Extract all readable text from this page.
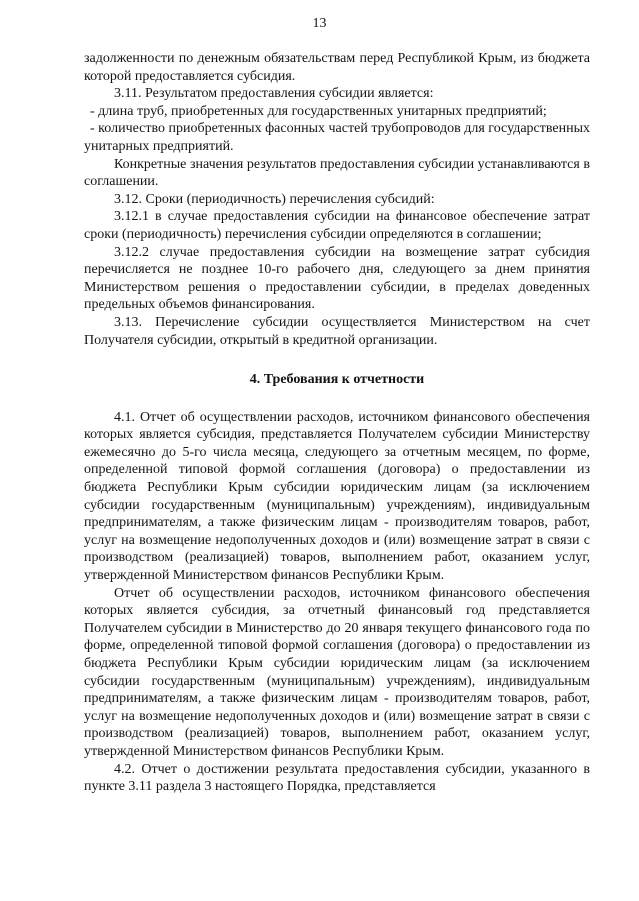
13

задолженности по денежным обязательствам перед Республикой Крым, из бюджета которой предоставляется субсидия.

3.11. Результатом предоставления субсидии является:

- длина труб, приобретенных для государственных унитарных предприятий;

- количество приобретенных фасонных частей трубопроводов для государственных унитарных предприятий.

Конкретные значения результатов предоставления субсидии устанавливаются в соглашении.

3.12. Сроки (периодичность) перечисления субсидий:

3.12.1 в случае предоставления субсидии на финансовое обеспечение затрат сроки (периодичность) перечисления субсидии определяются в соглашении;

3.12.2 случае предоставления субсидии на возмещение затрат субсидия перечисляется не позднее 10-го рабочего дня, следующего за днем принятия Министерством решения о предоставлении субсидии, в пределах доведенных предельных объемов финансирования.

3.13. Перечисление субсидии осуществляется Министерством на счет Получателя субсидии, открытый в кредитной организации.

4. Требования к отчетности

4.1. Отчет об осуществлении расходов, источником финансового обеспечения которых является субсидия, представляется Получателем субсидии Министерству ежемесячно до 5-го числа месяца, следующего за отчетным месяцем, по форме, определенной типовой формой соглашения (договора) о предоставлении из бюджета Республики Крым субсидии юридическим лицам (за исключением субсидии государственным (муниципальным) учреждениям), индивидуальным предпринимателям, а также физическим лицам - производителям товаров, работ, услуг на возмещение недополученных доходов и (или) возмещение затрат в связи с производством (реализацией) товаров, выполнением работ, оказанием услуг, утвержденной Министерством финансов Республики Крым.

Отчет об осуществлении расходов, источником финансового обеспечения которых является субсидия, за отчетный финансовый год представляется Получателем субсидии в Министерство до 20 января текущего финансового года по форме, определенной типовой формой соглашения (договора) о предоставлении из бюджета Республики Крым субсидии юридическим лицам (за исключением субсидии государственным (муниципальным) учреждениям), индивидуальным предпринимателям, а также физическим лицам - производителям товаров, работ, услуг на возмещение недополученных доходов и (или) возмещение затрат в связи с производством (реализацией) товаров, выполнением работ, оказанием услуг, утвержденной Министерством финансов Республики Крым.

4.2. Отчет о достижении результата предоставления субсидии, указанного в пункте 3.11 раздела 3 настоящего Порядка, представляется
